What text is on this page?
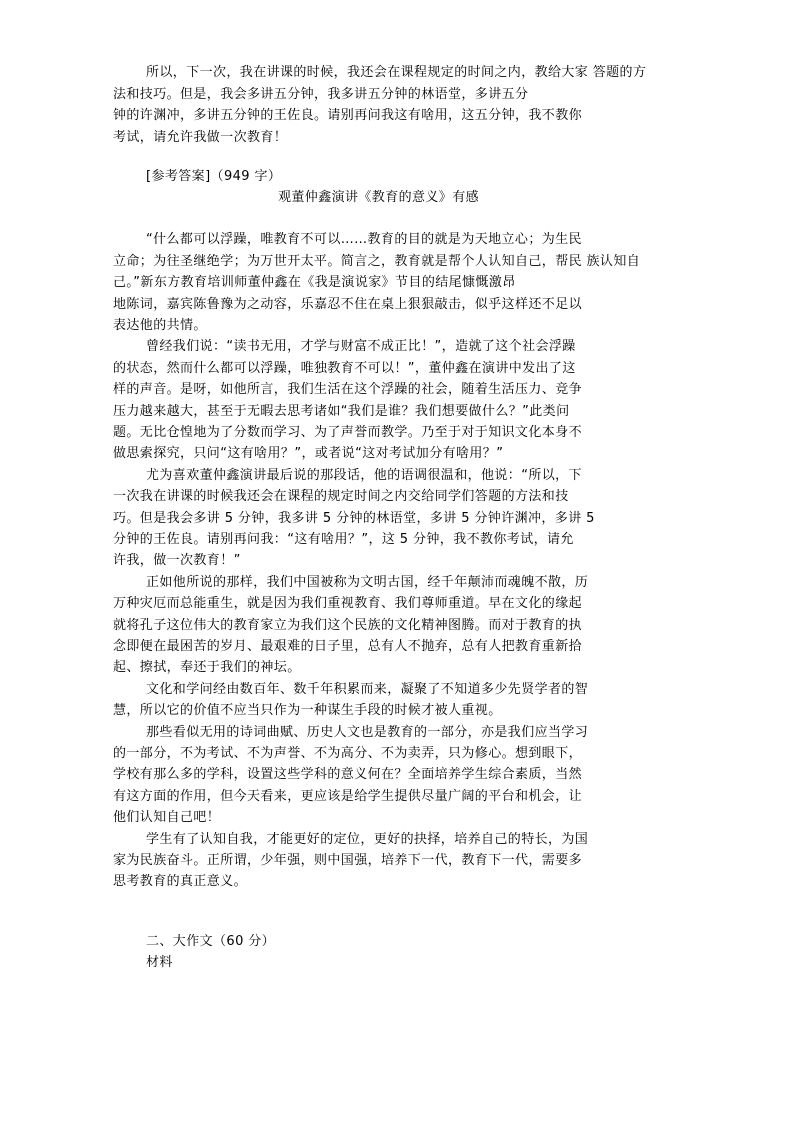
所以，下一次，我在讲课的时候，我还会在课程规定的时间之内，教给大家 答题的方
法和技巧。但是，我会多讲五分钟，我多讲五分钟的林语堂，多讲五分
钟的许渊冲，多讲五分钟的王佐良。请别再问我这有啥用，这五分钟，我不教你
考试，请允许我做一次教育！
[参考答案]（949 字）
观董仲鑫演讲《教育的意义》有感
“什么都可以浮躁，唯教育不可以……教育的目的就是为天地立心；为生民
立命；为往圣继绝学；为万世开太平。简言之，教育就是帮个人认知自己，帮民 族认知自
己。”新东方教育培训师董仲鑫在《我是演说家》节目的结尾慷慨激昂
地陈词，嘉宾陈鲁豫为之动容，乐嘉忍不住在桌上狠狠敲击，似乎这样还不足以
表达他的共情。
曾经我们说：“读书无用，才学与财富不成正比！”，造就了这个社会浮躁
的状态，然而什么都可以浮躁，唯独教育不可以！”，董仲鑫在演讲中发出了这
样的声音。是呀，如他所言，我们生活在这个浮躁的社会，随着生活压力、竞争
压力越来越大，甚至于无暇去思考诸如“我们是谁？我们想要做什么？”此类问
题。无比仓惶地为了分数而学习、为了声誉而教学。乃至于对于知识文化本身不
做思索探究，只问“这有啥用？”，或者说“这对考试加分有啥用？”
尤为喜欢董仲鑫演讲最后说的那段话，他的语调很温和，他说：“所以，下
一次我在讲课的时候我还会在课程的规定时间之内交给同学们答题的方法和技
巧。但是我会多讲 5 分钟，我多讲 5 分钟的林语堂，多讲 5 分钟许渊冲，多讲 5
分钟的王佐良。请别再问我：“这有啥用？”，这 5 分钟，我不教你考试，请允
许我，做一次教育！”
正如他所说的那样，我们中国被称为文明古国，经千年颠沛而魂魄不散，历
万种灾厄而总能重生，就是因为我们重视教育、我们尊师重道。早在文化的缘起
就将孔子这位伟大的教育家立为我们这个民族的文化精神图腾。而对于教育的执
念即便在最困苦的岁月、最艰难的日子里，总有人不抛弃，总有人把教育重新拾
起、擦拭，奉还于我们的神坛。
文化和学问经由数百年、数千年积累而来，凝聚了不知道多少先贤学者的智
慧，所以它的价值不应当只作为一种谋生手段的时候才被人重视。
那些看似无用的诗词曲赋、历史人文也是教育的一部分，亦是我们应当学习
的一部分，不为考试、不为声誉、不为高分、不为卖弄，只为修心。想到眼下，
学校有那么多的学科，设置这些学科的意义何在？全面培养学生综合素质，当然
有这方面的作用，但今天看来，更应该是给学生提供尽量广阔的平台和机会，让
他们认知自己吧！
学生有了认知自我，才能更好的定位，更好的抉择，培养自己的特长，为国
家为民族奋斗。正所谓，少年强，则中国强，培养下一代，教育下一代，需要多
思考教育的真正意义。
二、大作文（60 分）
材料
